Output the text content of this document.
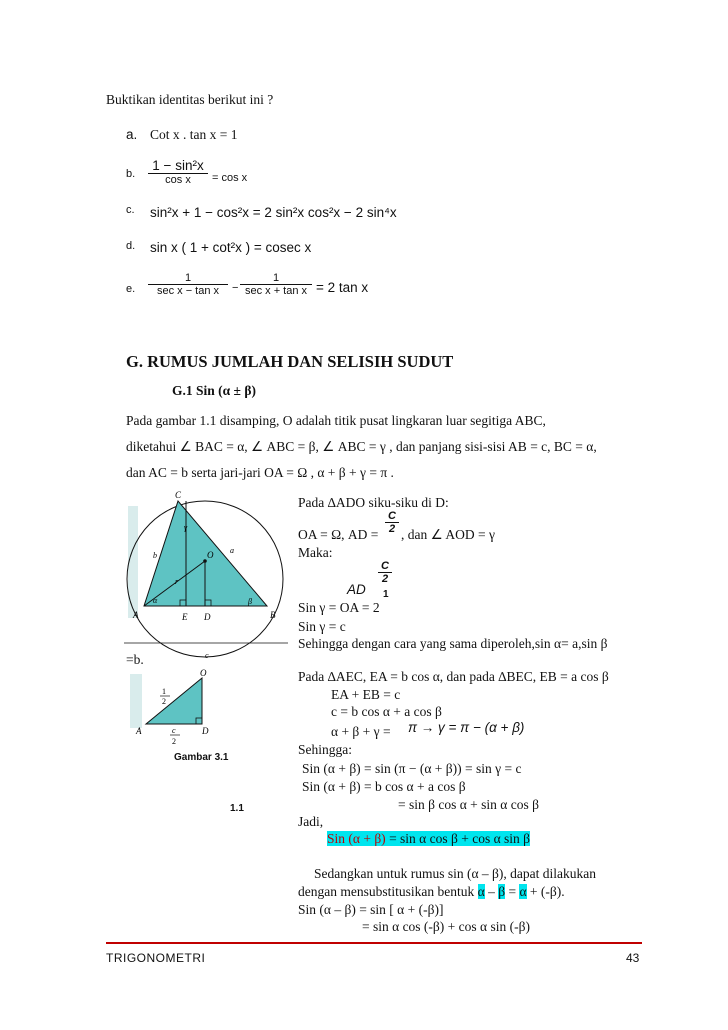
Buktikan identitas berikut ini ?
a. Cot x . tan x = 1
b.
1 − sin²x
cos x	= cos x
c. sin²x + 1 − cos²x = 2 sin²x cos²x − 2 sin⁴x
d. sin x ( 1 + cot²x ) = cosec x
e.
1
sec x − tan x	−
1
sec x + tan x = 2 tan x
G. RUMUS JUMLAH DAN SELISIH SUDUT
G.1 Sin (α ± β)
Pada gambar 1.1 disamping, O adalah titik pusat lingkaran luar segitiga ABC,
diketahui ∠ BAC = α, ∠ ABC = β, ∠ ABC = γ , dan panjang sisi-sisi AB = c, BC = α,
dan AC = b serta jari-jari OA = Ω , α + β + γ = π .
C
γ
b
a
O
r
α	β
A	B
E D
c
=b.
O
1
2
A	D
c
2
Gambar 3.1
1.1
Pada ∆ADO siku-siku di D:
OA = Ω, AD = $\frac{C}{2}$ , dan ∠ AOD = γ
Maka:
$\frac{C}{2}$
AD 1
Sin γ = OA = 2
Sin γ = c
Sehingga dengan cara yang sama diperoleh,sin α= a,sin β
Pada ∆AEC, EA = b cos α, dan pada ∆BEC, EB = a cos β
EA + EB = c
c = b cos α + a cos β
α + β + γ = π → γ = π − (α + β)
Sehingga:
Sin (α + β) = sin (π − (α + β)) = sin γ = c
Sin (α + β) = b cos α + a cos β
= sin β cos α + sin α cos β
Jadi,
Sin (α + β) = sin α cos β + cos α sin β
Sedangkan untuk rumus sin (α – β), dapat dilakukan
dengan mensubstitusikan bentuk α – β = α + (-β).
Sin (α – β) = sin [ α + (-β)]
= sin α cos (-β) + cos α sin (-β)
TRIGONOMETRI	43
